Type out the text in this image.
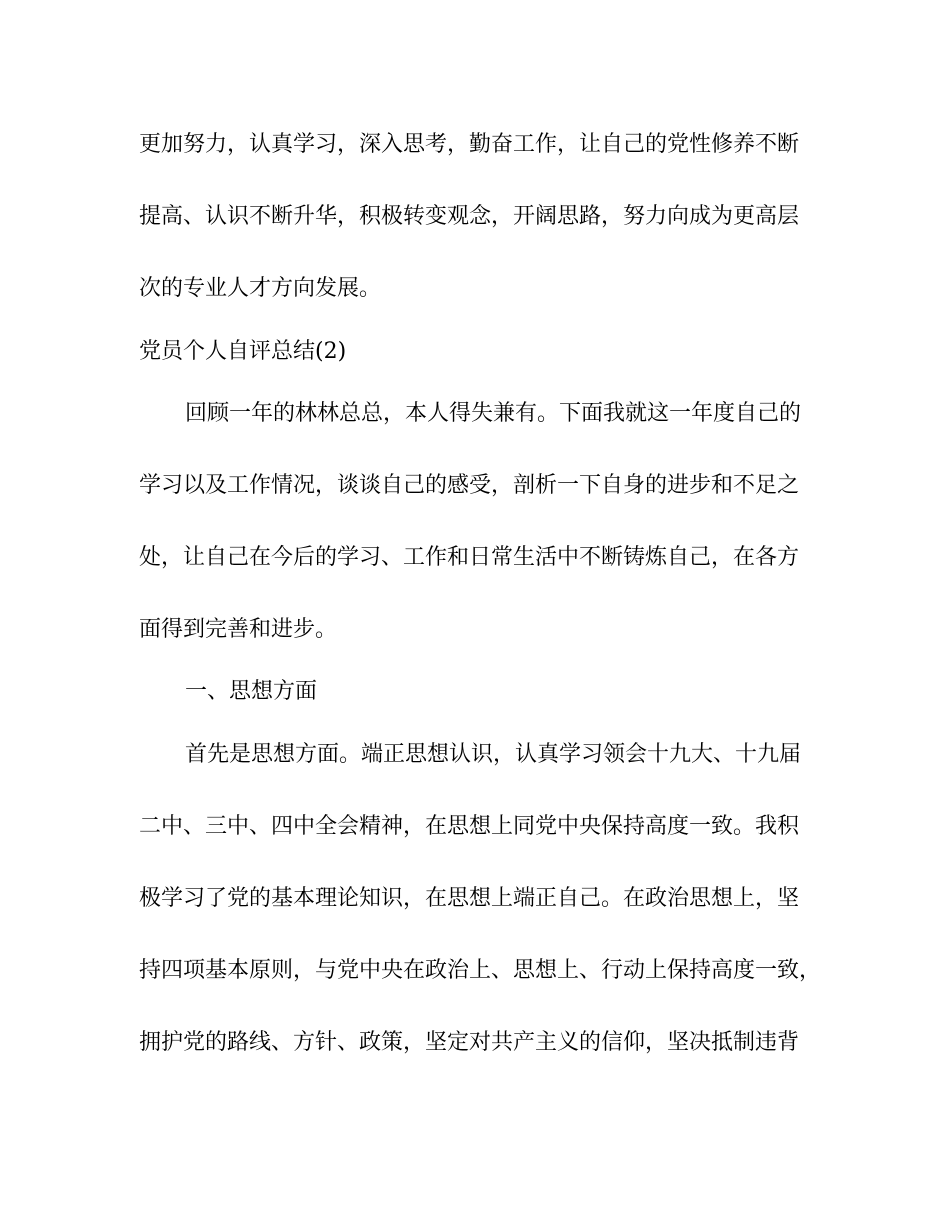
更加努力，认真学习，深入思考，勤奋工作，让自己的党性修养不断
提高、认识不断升华，积极转变观念，开阔思路，努力向成为更高层
次的专业人才方向发展。
党员个人自评总结(2)
回顾一年的林林总总，本人得失兼有。下面我就这一年度自己的
学习以及工作情况，谈谈自己的感受，剖析一下自身的进步和不足之
处，让自己在今后的学习、工作和日常生活中不断铸炼自己，在各方
面得到完善和进步。
一、思想方面
首先是思想方面。端正思想认识，认真学习领会十九大、十九届
二中、三中、四中全会精神，在思想上同党中央保持高度一致。我积
极学习了党的基本理论知识，在思想上端正自己。在政治思想上，坚
持四项基本原则，与党中央在政治上、思想上、行动上保持高度一致，
拥护党的路线、方针、政策，坚定对共产主义的信仰，坚决抵制违背
